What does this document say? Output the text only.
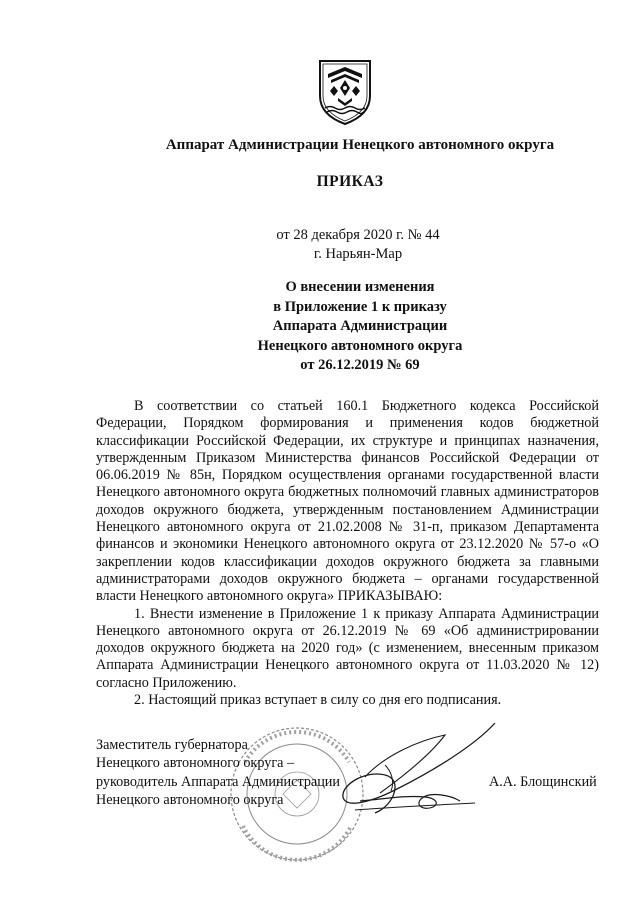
Аппарат Администрации Ненецкого автономного округа
ПРИКАЗ
от 28 декабря 2020 г. № 44
г. Нарьян-Мар
О внесении изменения
в Приложение 1 к приказу
Аппарата Администрации
Ненецкого автономного округа
от 26.12.2019 № 69

В соответствии со статьей 160.1 Бюджетного кодекса Российской Федерации, Порядком формирования и применения кодов бюджетной классификации Российской Федерации, их структуре и принципах назначения, утвержденным Приказом Министерства финансов Российской Федерации от 06.06.2019 № 85н, Порядком осуществления органами государственной власти Ненецкого автономного округа бюджетных полномочий главных администраторов доходов окружного бюджета, утвержденным постановлением Администрации Ненецкого автономного округа от 21.02.2008 № 31-п, приказом Департамента финансов и экономики Ненецкого автономного округа от 23.12.2020 № 57-о «О закреплении кодов классификации доходов окружного бюджета за главными администраторами доходов окружного бюджета – органами государственной власти Ненецкого автономного округа» ПРИКАЗЫВАЮ:

1. Внести изменение в Приложение 1 к приказу Аппарата Администрации Ненецкого автономного округа от 26.12.2019 № 69 «Об администрировании доходов окружного бюджета на 2020 год» (с изменением, внесенным приказом Аппарата Администрации Ненецкого автономного округа от 11.03.2020 № 12) согласно Приложению.

2. Настоящий приказ вступает в силу со дня его подписания.

Заместитель губернатора
Ненецкого автономного округа –
руководитель Аппарата Администрации
Ненецкого автономного округа
А.А. Блощинский
